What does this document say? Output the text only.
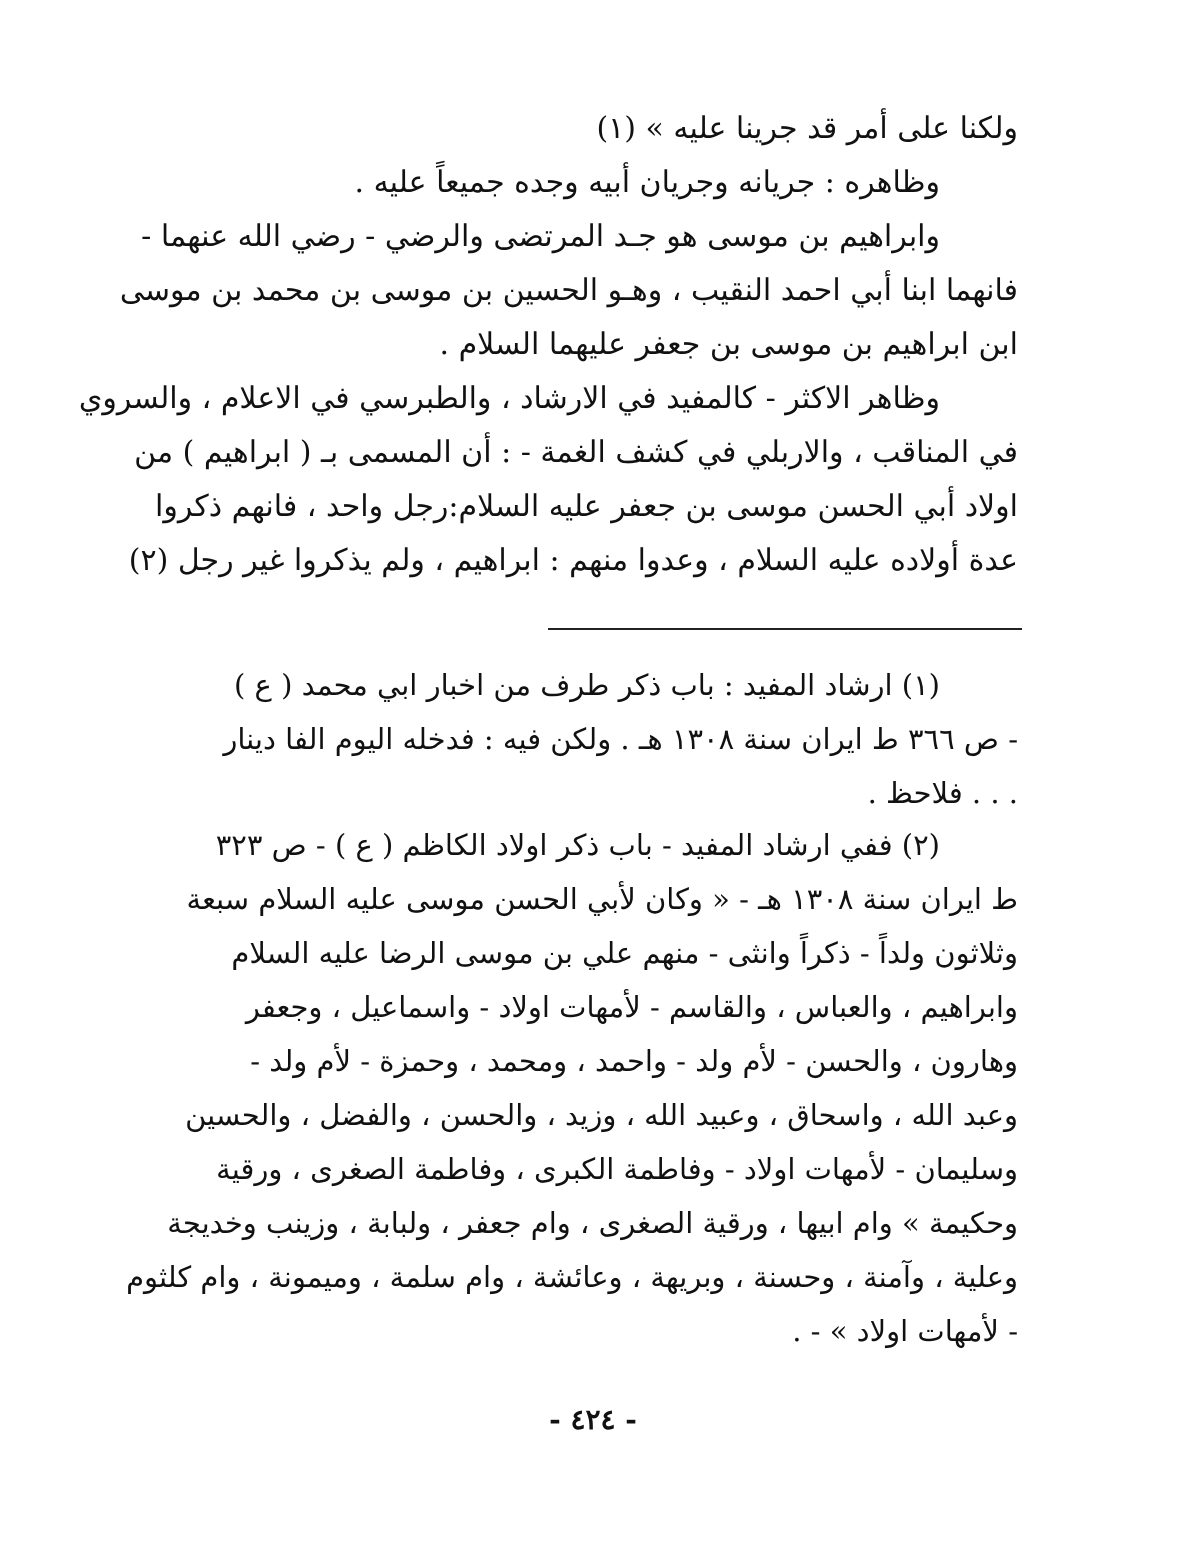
ولكنا على أمر قد جرينا عليه » (١)
وظاهره : جريانه وجريان أبيه وجده جميعاً عليه .
وابراهيم بن موسى هو جـد المرتضى والرضي - رضي الله عنهما -
فانهما ابنا أبي احمد النقيب ، وهـو الحسين بن موسى بن محمد بن موسى
ابن ابراهيم بن موسى بن جعفر عليهما السلام .
وظاهر الاكثر - كالمفيد في الارشاد ، والطبرسي في الاعلام ، والسروي
في المناقب ، والاربلي في كشف الغمة - : أن المسمى بـ ( ابراهيم ) من
اولاد أبي الحسن موسى بن جعفر عليه السلام:رجل واحد ، فانهم ذكروا
عدة أولاده عليه السلام ، وعدوا منهم : ابراهيم ، ولم يذكروا غير رجل (٢)
(١) ارشاد المفيد : باب ذكر طرف من اخبار ابي محمد ( ع )
- ص ٣٦٦ ط ايران سنة ١٣٠٨ هـ . ولكن فيه : فدخله اليوم الفا دينار
. . . فلاحظ .
(٢) ففي ارشاد المفيد - باب ذكر اولاد الكاظم ( ع ) - ص ٣٢٣
ط ايران سنة ١٣٠٨ هـ - « وكان لأبي الحسن موسى عليه السلام سبعة
وثلاثون ولداً - ذكراً وانثى - منهم علي بن موسى الرضا عليه السلام
وابراهيم ، والعباس ، والقاسم - لأمهات اولاد - واسماعيل ، وجعفر
وهارون ، والحسن - لأم ولد - واحمد ، ومحمد ، وحمزة - لأم ولد -
وعبد الله ، واسحاق ، وعبيد الله ، وزيد ، والحسن ، والفضل ، والحسين
وسليمان - لأمهات اولاد - وفاطمة الكبرى ، وفاطمة الصغرى ، ورقية
وحكيمة » وام ابيها ، ورقية الصغرى ، وام جعفر ، ولبابة ، وزينب وخديجة
وعلية ، وآمنة ، وحسنة ، وبريهة ، وعائشة ، وام سلمة ، وميمونة ، وام كلثوم
- لأمهات اولاد » - .
- ٤٢٤ -
